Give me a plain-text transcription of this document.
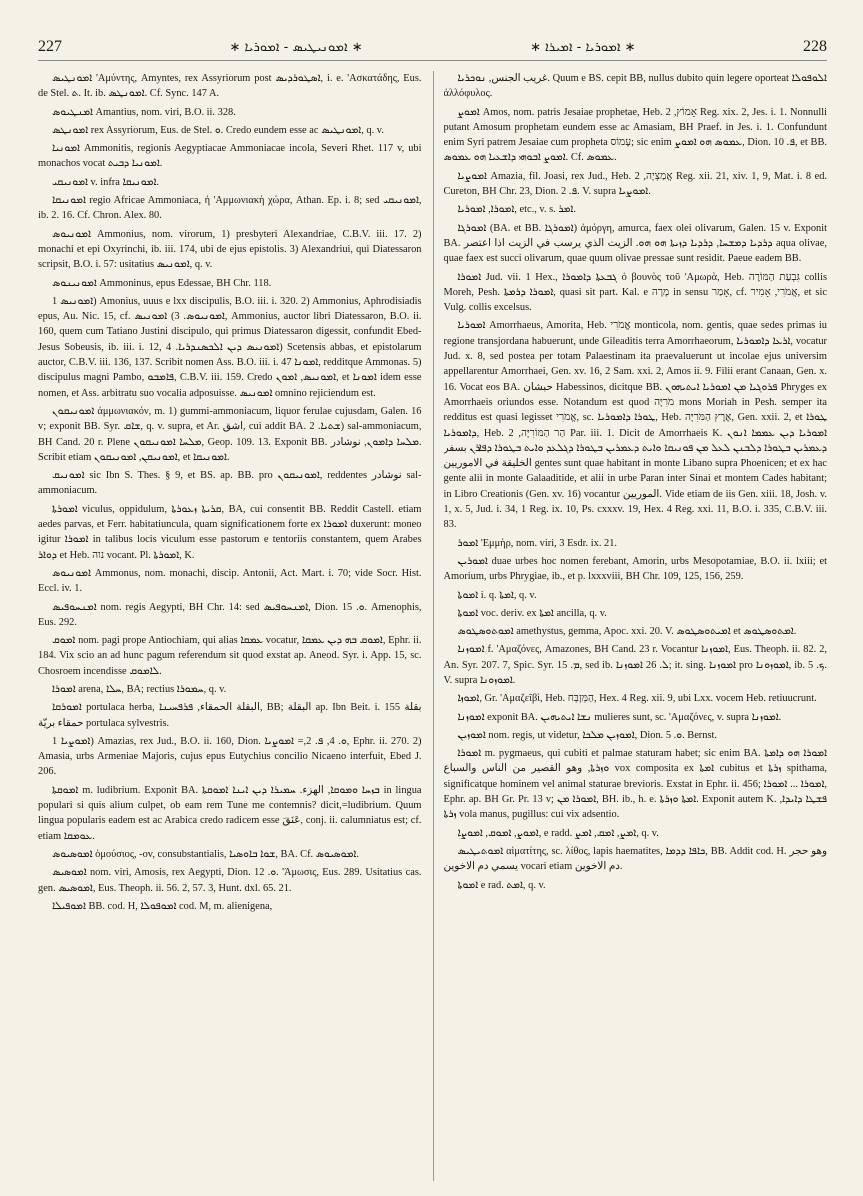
227	∗ ܐܡܘܢܝܛܝܣ - ܐܡܘܪܝܐ ∗	∗ ܐܡܘܪܝܐ - ܐܡܝܪܐ ∗	228

ܐܡܘܢܛܝܣ 'Αμύντης, Amyntes, rex Assyriorum post ܐܣܛܘܪܕܝܣ, i. e. 'Ασκατάδης, Eus. de Stel. ܬ. It. ib. ܐܡܘܢܛܣ. Cf. Sync. 147 A.

ܐܡܢܛܝܘܣ Amantius, nom. viri, B.O. ii. 328.

ܐܡܘܢܛܣ rex Assyriorum, Eus. de Stel. ܘ. Credo eundem esse ac ܐܡܘܢܛܝܣ, q. v.

ܐܡܘܢܝܐ Ammonitis, regionis Aegyptiacae Ammoniacae incola, Severi Rhet. 117 v, ubi monachos vocat ܐܡܘܢܝܐ ܕܒܝܬ.

ܐܡܘܢܝܩܝ v. infra ܐܡܘܢܝܩܐ.

ܐܡܘܢܝܩܐ regio Africae Ammoniaca, ἡ 'Αμμωνιακὴ χώρα, Athan. Ep. i. 8; sed ܐܡܘܢܝܩܝ, ib. 2. 16. Cf. Chron. Alex. 80.

ܐܡܘܢܝܘܣ Ammonius, nom. virorum, 1) presbyteri Alexandriae, C.B.V. iii. 17. 2) monachi et epi Oxyrinchi, ib. iii. 174, ubi de ejus epistolis. 3) Alexandriui, qui Diatessaron scripsit, B.O. i. 57: usitatius ܐܡܘܢܝܣ, q. v.

ܐܡܘܢܝܢܘܣ Ammoninus, epus Edessae, BH Chr. 118.

ܐܡܘܢܝܣ 1) Amonius, uuus e lxx discipulis, B.O. iii. i. 320. 2) Ammonius, Aphrodisiadis epus, Au. Nic. 15, cf. ܐܡܘܢܝܘܣ. 3) ܐܡܘܢܝܣ, Ammonius, auctor libri Diatessaron, B.O. ii. 160, quem cum Tatiano Justini discipulo, qui primus Diatessaron digessit, confundit Ebed-Jesus Sobeusis, ib. iii. i. 12, ܐܡܘܢܝܣ ܕܝܢ ܐܠܟܣܢܕܪܝܐ. 4) Scetensis abbas, et epistolarum auctor, C.B.V. iii. 136, 137. Scribit nomen Ass. B.O. iii. i. 47 ܐܡܘܢܐ, redditque Ammonas. 5) discipulus magni Pambo, ܦܐܡܒܘ, C.B.V. iii. 159. Credo ܐܡܘܢܝܣ, ܐܡܘܢ, et ܐܡܘܢܐ idem esse nomen, et Ass. arbitratu suo vocalia adposuisse. ܐܡܘܢܝܣ omnino rejiciendum est.

ܐܡܘܢܝܩܘܢ ἀμμωνιακόν, m. 1) gummi-ammoniacum, liquor ferulae cujusdam, Galen. 16 v; exponit BB. Syr. ܫܐܩ, q. v. supra, et Ar. اشق, cui addit BA. ܫܬܝܐ. 2) sal-ammoniacum, BH Cand. 20 r. Plene ܡܠܚܐ ܐܡܘܢܝܩܘܢ, Geop. 109. 13. Exponit BB. ܡܠܚܐ ܕܐܡܘܢ, نوشادر. Scribit etiam ܐܡܘܢܝܩܢ, ܐܡܘܢܝܩܘܢ, et ܐܡܘܢܝܩܐ.

ܐܡܘܢܝܩ sic Ibn S. Thes. § 9, et BS. ap. BB. pro ܐܡܘܢܝܩܘܢ, reddentes نوشادر sal-ammoniacum.

ܐܡܘܪܬܐ viculus, oppidulum, ܩܪܝܬܐ ܙܥܘܪܬܐ, BA, cui consentit BB. Reddit Castell. etiam aedes parvas, et Ferr. habitatiuncula, quam significationem forte ex ܐܡܘܪܐ duxerunt: moneo igitur ܐܡܘܪܐ in talibus locis viculum esse pastorum e tentoriis constantem, quem Arabes ܕܘܐܪ et Heb. נוה vocant. Pl. ܐܡܘܪܬܐ, K.

ܐܡܘܢܝܘܣ Ammonus, nom. monachi, discip. Antonii, Act. Mart. i. 70; vide Socr. Hist. Eccl. iv. 1.

ܐܡܢܚܘܦܝܣ nom. regis Aegypti, BH Chr. 14: sed ܐܡܢܚܘܦܝܣ, Dion. ܘ. 15. Amenophis, Eus. 292.

ܐܡܘܩ nom. pagi prope Antiochiam, qui alias ܥܡܩܐ vocatur, ܐܡܘܩ ܒܗ ܕܝܢ ܥܡܩܐ, Ephr. ii. 184. Vix scio an ad hunc pagum referendum sit quod exstat ap. Aneod. Syr. i. App. 15, sc. Chosroem incendisse ܠܐܡܘܩ.

ܐܡܘܪܐ arena, ܚܠܐ, BA; rectius ܚܡܘܪܐ, q. v.

ܐܡܘܪܩܐ portulaca herba, البقلة الحمقاء, ܦܪܦܚܝܢܐ, BB; البقلة ap. Ibn Beit. i. 155 بقلة حمقاء بريّة portulaca sylvestris.

ܐܡܘܨܝܐ 1) Amazias, rex Jud., B.O. ii. 160, Dion. ܘ. 4, ܦ. 2,= ܐܡܘܨܝܐ, Ephr. ii. 270. 2) Amasia, urbs Armeniae Majoris, cujus epus Eutychius concilio Nicaeno interfuit, Ebed J. 206.

ܐܡܘܩܬܐ m. ludibrium. Exponit BA. ܒܙܚܐ ܘܡܘܩܐ, الهزء. ܚܡܝܪܐ ܕܝܢ ܐܝܢܐ ܐܡܘܩܬܐ in lingua populari si quis alium culpet, ob eam rem Tune me contemnis? dicit,=ludibrium. Quum lingua popularis eadem est ac Arabica credo radicem esse عَنَقَ, conj. ii. calumniatus est; cf. etiam ܥܘܡܩܐ.

ܐܡܘܣܝܘܣ ὁμούσιος, -ov, consubstantialis, ܫܘܐ ܒܐܘܣܝܐ, BA. Cf. ܐܡܘܣܝܘܣ.

ܐܡܘܣܝܣ nom. viri, Amosis, rex Aegypti, Dion. ܘ. 12. 'Άμωσις, Eus. 289. Usitatius cas. gen. ܐܡܘܣܝܣ, Eus. Theoph. ii. 56. 2, 57. 3, Hunt. dxl. 65. 21.

ܐܡܘܦܝܠܐ BB. cod. H, ܐܡܘܦܘܠܐ cod. M, m. alienigena,

غريب الجنس, ܢܘܟܪܝܐ. Quum e BS. cepit BB, nullus dubito quin legere oporteat ܐܠܘܦܘܠܐ ἀλλόφυλος.

ܐܡܘܨ Amos, nom. patris Jesaiae prophetae, Heb. אָמוֹץ, 2 Reg. xix. 2, Jes. i. 1. Nonnulli putant Amosum prophetam eundem esse ac Amasiam, BH Praef. in Jes. i. 1. Confundunt enim Syri patrem Jesaiae cum propheta עָמוֹס; sic enim ܥܡܘܣ ܗܘ ܐܡܘܨ, Dion. ܦ. 10, et BB. ܐܡܘܨ ܐܒܘܗܝ ܕܐܫܥܝܐ ܗܘ ܥܡܘܣ. Cf. ܥܡܘܣ.

ܐܡܘܨܝܐ Amazia, fil. Joasi, rex Jud., Heb. אֲמַצְיָה, 2 Reg. xii. 21, xiv. 1, 9, Mat. i. 8 ed. Cureton, BH Chr. 23, Dion. ܦ. 2. V. supra ܐܡܘܨܝܐ.

ܐܡܘܪܐ, ܐܡܘܪܝܐ, etc., v. s. ܐܡܪ.

ܐܡܘܪܓܐ (BA. et BB. ܐܡܘܪܓܐ) ἀμόργη, amurca, faex olei olivarum, Galen. 15 v. Exponit BA. ܕܪܕܝܐ ܕܡܫܚܐ, ܕܪܕܝܐ ܕܙܝܬܐ ܗܘ ܗܘ. الزيت الذي يرسب في الزيت اذا اعتصر aqua olivae, quae faex est succi olivarum, quae quum olivae pressae sunt residit. Paeue eadem BB.

ܐܡܘܪܐ Jud. vii. 1 Hex., ܓܒܥܬܐ ܕܐܡܘܪܐ ὁ βουνὸς τοῦ 'Αμωρὰ, Heb. גִּבְעַת הַמּוֹרֶה collis Moreh, Pesh. ܐܡܘܪܐ ܕܪܡܬܐ, quasi sit part. Kal. e מָרָה in sensu אָמַר, cf. אֲמֹרִי, אָמִיר, et sic Vulg. collis excelsus.

ܐܡܘܪܝܐ Amorrhaeus, Amorita, Heb. אֱמֹרִי monticola, nom. gentis, quae sedes primas iu regione transjordana habuerunt, unde Gileaditis terra Amorrhaeorum, ܐܪܥܐ ܕܐܡܘܪܝܐ, vocatur Jud. x. 8, sed postea per totam Palaestinam ita praevaluerunt ut incolae ejus universim appellarentur Amorrhaei, Gen. xv. 16, 2 Sam. xxi. 2, Amos ii. 9. Filii erant Canaan, Gen. x. 16. Vocat eos BA. حبشان Habessinos, dicitque BB. ܦܪܘܓܝܐ ܡܢ ܐܡܘܪܝܐ ܐܝܬܝܗܘܢ Phryges ex Amorrhaeis oriundos esse. Notandum est quod מֹרִיָּה mons Moriah in Pesh. semper ita redditus est quasi legisset אֱמֹרִי, sc. ܛܘܪܐ ܕܐܡܘܪܝܐ, Heb. אֶרֶץ הַמֹּרִיָּה, Gen. xxii. 2, et ܛܘܪܐ ܕܐܡܘܪܝܐ, Heb. הַר הַמּוֹרִיָּה, 2 Par. iii. 1. Dicit de Amorrhaeis K. ܐܡܘܪܝܐ ܕܝܢ ܥܡܡܐ ܐܢܘܢ ܕܥܡܪܝܢ ܒܛܘܪܐ ܕܠܒܢܢ ܠܥܠ ܡܢ ܦܘܢܝܩܐ ܘܐܝܬ ܕܥܡܪܝܢ ܒܛܘܪܐ ܕܓܠܥܕ ܘܐܝܬ ܒܛܘܪܐ ܕܦܐܪܢ بسفر الخليقة في الاموريين gentes sunt quae habitant in monte Libano supra Phoenicen; et ex hac gente alii in monte Galaaditide, et alii in urbe Paran inter Sinai et montem Cades habitant; in Libro Creationis (Gen. xv. 16) vocantur الموريين. Vide etiam de iis Gen. xiii. 18, Josh. v. 1, x. 5, Jud. i. 34, 1 Reg. ix. 10, Ps. cxxxv. 19, Hex. 4 Reg. xxi. 11, B.O. i. 335, C.B.V. iii. 83.

ܐܡܘܪ 'Εμμὴρ, nom. viri, 3 Esdr. ix. 21.

ܐܡܘܪܝܢ duae urbes hoc nomen ferebant, Amorin, urbs Mesopotamiae, B.O. ii. lxiii; et Amorium, urbs Phrygiae, ib., et p. lxxxviii, BH Chr. 109, 125, 156, 259.

ܐܡܘܬܐ i. q. ܐܡܬܐ, q. v.

ܐܡܘܬܐ voc. deriv. ex ܐܡܬܐ ancilla, q. v.

ܐܡܘܬܘܣܛܘܣ amethystus, gemma, Apoc. xxi. 20. V. ܐܡܝܬܘܣܛܘܣ et ܐܡܬܘܣܛܘܣ.

ܐܡܘܙܢܐ f. 'Αμαζόνες, Amazones, BH Cand. 23 r. Vocantur ܐܡܘܙܢܐ, Eus. Theoph. ii. 82. 2, An. Syr. 207. 7, Spic. Syr. ܡ. 15, sed ib. ܠ. 26 ܐܡܘܙܢܐ; it. sing. ܐܡܘܙܢܐ pro ܐܡܘܙܘܢܐ, ib. ܟ. 5. V. supra ܐܡܘܙܘܢܐ.

ܐܡܘܙܐ, Gr. 'Αμαζεῖβὶ, Heb. הַמְּזָבְּח, Hex. 4 Reg. xii. 9, ubi Lxx. vocem Heb. retiuucrunt.

ܐܡܘܙܢܐ exponit BA. ܢܫܐ ܐܝܬܝܗܝܢ mulieres sunt, sc. 'Αμαζόνες, v. supra ܐܡܘܙܢܐ.

ܐܡܘܙܝܢ nom. regis, ut videtur, ܐܡܘܙܝܢ ܡܠܟܐ, Dion. ܘ. 5. Bernst.

ܐܡܘܪܐ m. pygmaeus, qui cubiti et palmae staturam habet; sic enim BA. ܐܡܘܪܐ ܗܘ ܕܐܡܬܐ ܘܙܪܬܐ, وهو القصير من الناس والسباع vox composita ex ܐܡܬܐ cubitus et ܙܪܬܐ spithama, significatque hominem vel animal staturae brevioris. Exstat in Ephr. ii. 456; ܐܡܘܪܐ ... ܐܡܘܪܐ, Ephr. ap. BH Gr. Pr. 13 v; ܐܡܘܪܐ ܡܢ, BH. ib., h. e. ܐܡܬܐ ܘܙܪܬܐ. Exponit autem K. ܦܫܛܐ ܕܐܝܕܐ, ܙܪܬܐ vola manus, pugillus: cui vix adsentio.

ܐܡܘܨ, ܐܡܘܩ, ܐܡܘܨܐ, e radd. ܐܡܨ, ܐܡܩ, ܐܡܨ, q. v.

ܐܡܘܬܝܛܝܣ αἱματίτης, sc. λίθος, lapis haematites, ܟܐܦܐ ܕܕܡܐ, BB. Addit cod. H. وهو حجر يسمي دم الاخوين vocari etiam دم الاخوين.

ܐܡܘܬܐ e rad. ܐܡܬ, q. v.
